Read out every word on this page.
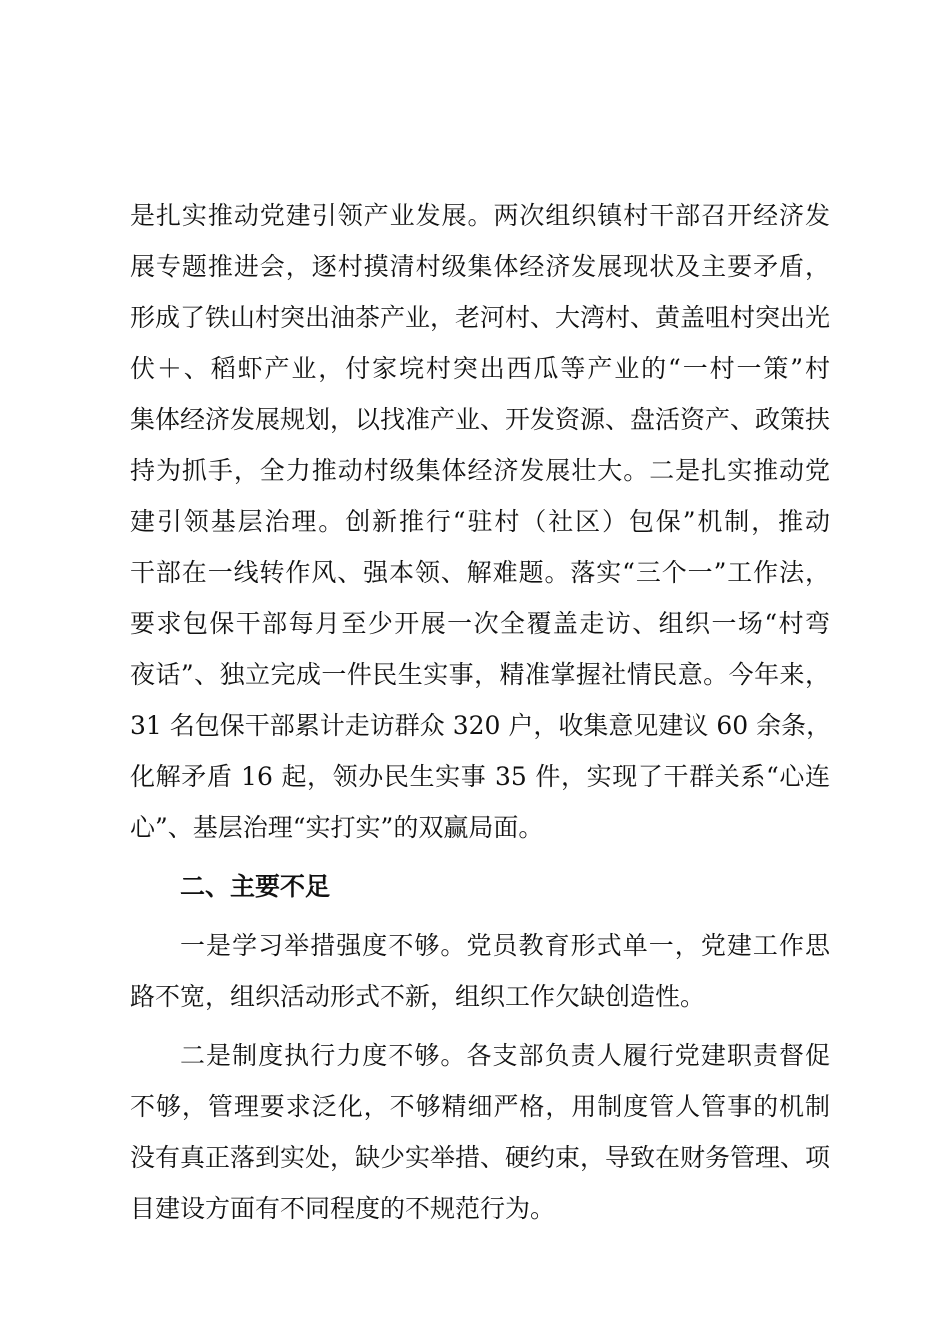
是扎实推动党建引领产业发展。两次组织镇村干部召开经济发
展专题推进会，逐村摸清村级集体经济发展现状及主要矛盾，
形成了铁山村突出油茶产业，老河村、大湾村、黄盖咀村突出光
伏＋、稻虾产业，付家垸村突出西瓜等产业的“一村一策”村
集体经济发展规划，以找准产业、开发资源、盘活资产、政策扶
持为抓手，全力推动村级集体经济发展壮大。二是扎实推动党
建引领基层治理。创新推行“驻村（社区）包保”机制，推动
干部在一线转作风、强本领、解难题。落实“三个一”工作法，
要求包保干部每月至少开展一次全覆盖走访、组织一场“村弯
夜话”、独立完成一件民生实事，精准掌握社情民意。今年来，
31 名包保干部累计走访群众 320 户，收集意见建议 60 余条，
化解矛盾 16 起，领办民生实事 35 件，实现了干群关系“心连
心”、基层治理“实打实”的双赢局面。
二、主要不足
一是学习举措强度不够。党员教育形式单一，党建工作思
路不宽，组织活动形式不新，组织工作欠缺创造性。
二是制度执行力度不够。各支部负责人履行党建职责督促
不够，管理要求泛化，不够精细严格，用制度管人管事的机制
没有真正落到实处，缺少实举措、硬约束，导致在财务管理、项
目建设方面有不同程度的不规范行为。
